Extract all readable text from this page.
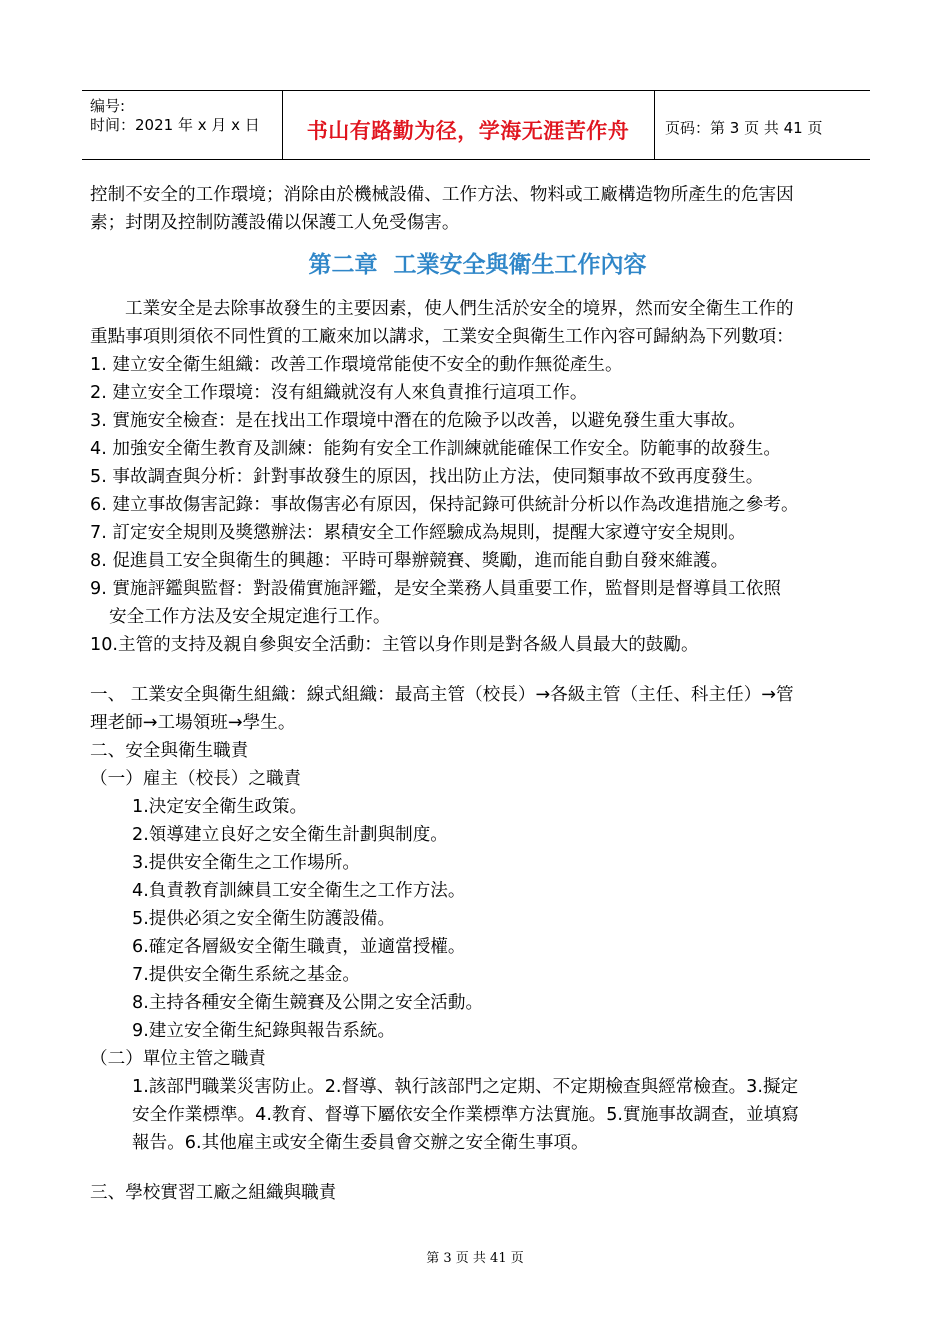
编号:
时间：2021 年 x 月 x 日	书山有路勤为径，学海无涯苦作舟	页码：第 3 页 共 41 页

控制不安全的工作環境；消除由於機械設備、工作方法、物料或工廠構造物所產生的危害因

素；封閉及控制防護設備以保護工人免受傷害。

第二章  工業安全與衛生工作內容

工業安全是去除事故發生的主要因素，使人們生活於安全的境界，然而安全衛生工作的

重點事項則須依不同性質的工廠來加以講求，工業安全與衛生工作內容可歸納為下列數項：

1. 建立安全衛生組織：改善工作環境常能使不安全的動作無從產生。

2. 建立安全工作環境：沒有組織就沒有人來負責推行這項工作。

3. 實施安全檢查：是在找出工作環境中潛在的危險予以改善，以避免發生重大事故。

4. 加強安全衛生教育及訓練：能夠有安全工作訓練就能確保工作安全。防範事的故發生。

5. 事故調查與分析：針對事故發生的原因，找出防止方法，使同類事故不致再度發生。

6. 建立事故傷害記錄：事故傷害必有原因，保持記錄可供統計分析以作為改進措施之參考。

7. 訂定安全規則及獎懲辦法：累積安全工作經驗成為規則，提醒大家遵守安全規則。

8. 促進員工安全與衛生的興趣：平時可舉辦競賽、獎勵，進而能自動自發來維護。

9. 實施評鑑與監督：對設備實施評鑑，是安全業務人員重要工作，監督則是督導員工依照

安全工作方法及安全規定進行工作。

10.主管的支持及親自參與安全活動：主管以身作則是對各級人員最大的鼓勵。

一、 工業安全與衛生組織：線式組織：最高主管（校長）→各級主管（主任、科主任）→管

理老師→工場領班→學生。

二、安全與衛生職責

（一）雇主（校長）之職責

1.決定安全衛生政策。

2.領導建立良好之安全衛生計劃與制度。

3.提供安全衛生之工作場所。

4.負責教育訓練員工安全衛生之工作方法。

5.提供必須之安全衛生防護設備。

6.確定各層級安全衛生職責，並適當授權。

7.提供安全衛生系統之基金。

8.主持各種安全衛生競賽及公開之安全活動。

9.建立安全衛生紀錄與報告系統。

（二）單位主管之職責

1.該部門職業災害防止。2.督導、執行該部門之定期、不定期檢查與經常檢查。3.擬定

安全作業標準。4.教育、督導下屬依安全作業標準方法實施。5.實施事故調查，並填寫

報告。6.其他雇主或安全衛生委員會交辦之安全衛生事項。

三、學校實習工廠之組織與職責

第 3 页 共 41 页
